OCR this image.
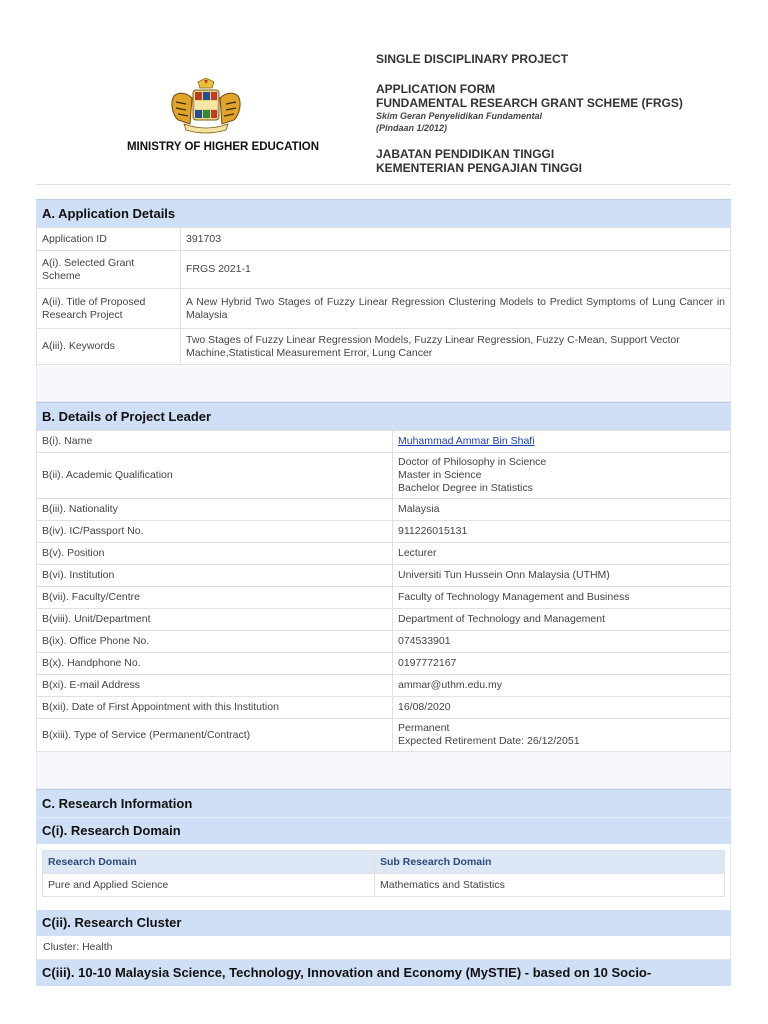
MINISTRY OF HIGHER EDUCATION

SINGLE DISCIPLINARY PROJECT

APPLICATION FORM

FUNDAMENTAL RESEARCH GRANT SCHEME (FRGS)

Skim Geran Penyelidikan Fundamental

(Pindaan 1/2012)

JABATAN PENDIDIKAN TINGGI

KEMENTERIAN PENGAJIAN TINGGI

A. Application Details
Application ID	391703
A(i). Selected Grant Scheme	FRGS 2021-1
A(ii). Title of Proposed Research Project	A New Hybrid Two Stages of Fuzzy Linear Regression Clustering Models to Predict Symptoms of Lung Cancer in Malaysia
A(iii). Keywords	Two Stages of Fuzzy Linear Regression Models, Fuzzy Linear Regression, Fuzzy C-Mean, Support Vector Machine,Statistical Measurement Error, Lung Cancer
B. Details of Project Leader
B(i). Name	Muhammad Ammar Bin Shafi
B(ii). Academic Qualification	Doctor of Philosophy in Science
Master in Science
Bachelor Degree in Statistics

B(iii). Nationality	Malaysia
B(iv). IC/Passport No.	911226015131
B(v). Position	Lecturer
B(vi). Institution	Universiti Tun Hussein Onn Malaysia (UTHM)
B(vii). Faculty/Centre	Faculty of Technology Management and Business
B(viii). Unit/Department	Department of Technology and Management
B(ix). Office Phone No.	074533901
B(x). Handphone No.	0197772167
B(xi). E-mail Address	ammar@uthm.edu.my
B(xii). Date of First Appointment with this Institution	16/08/2020
B(xiii). Type of Service (Permanent/Contract)	Permanent
Expected Retirement Date: 26/12/2051
C. Research Information
C(i). Research Domain
Research Domain	Sub Research Domain
Pure and Applied Science	Mathematics and Statistics
C(ii). Research Cluster
Cluster: Health
C(iii). 10-10 Malaysia Science, Technology, Innovation and Economy (MySTIE) - based on 10 Socio-
